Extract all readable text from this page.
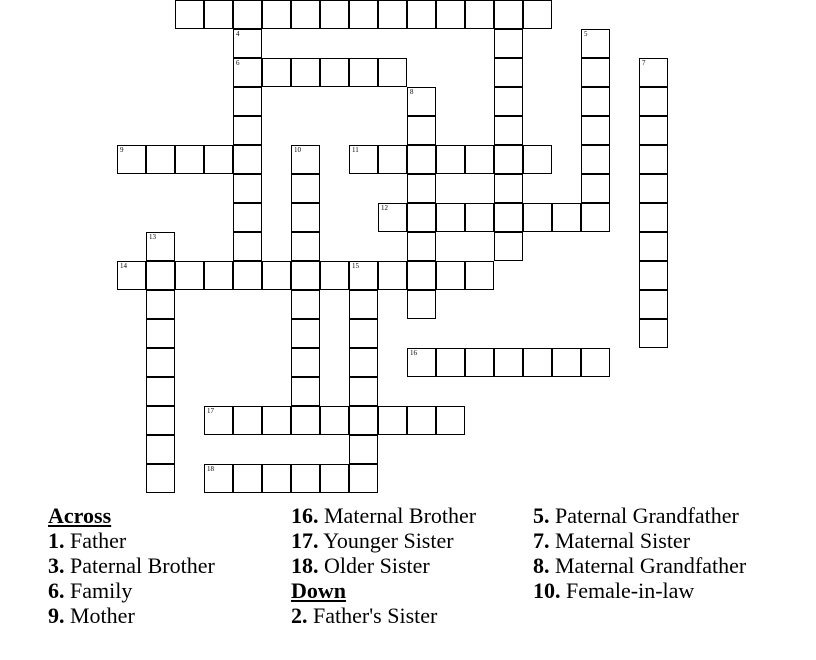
4
6
5
7
8
9	10	11
12
13
14	15
16
17
18
Across
1. Father
3. Paternal Brother
6. Family
9. Mother
16. Maternal Brother
17. Younger Sister
18. Older Sister
Down
2. Father's Sister
5. Paternal Grandfather
7. Maternal Sister
8. Maternal Grandfather
10. Female-in-law
